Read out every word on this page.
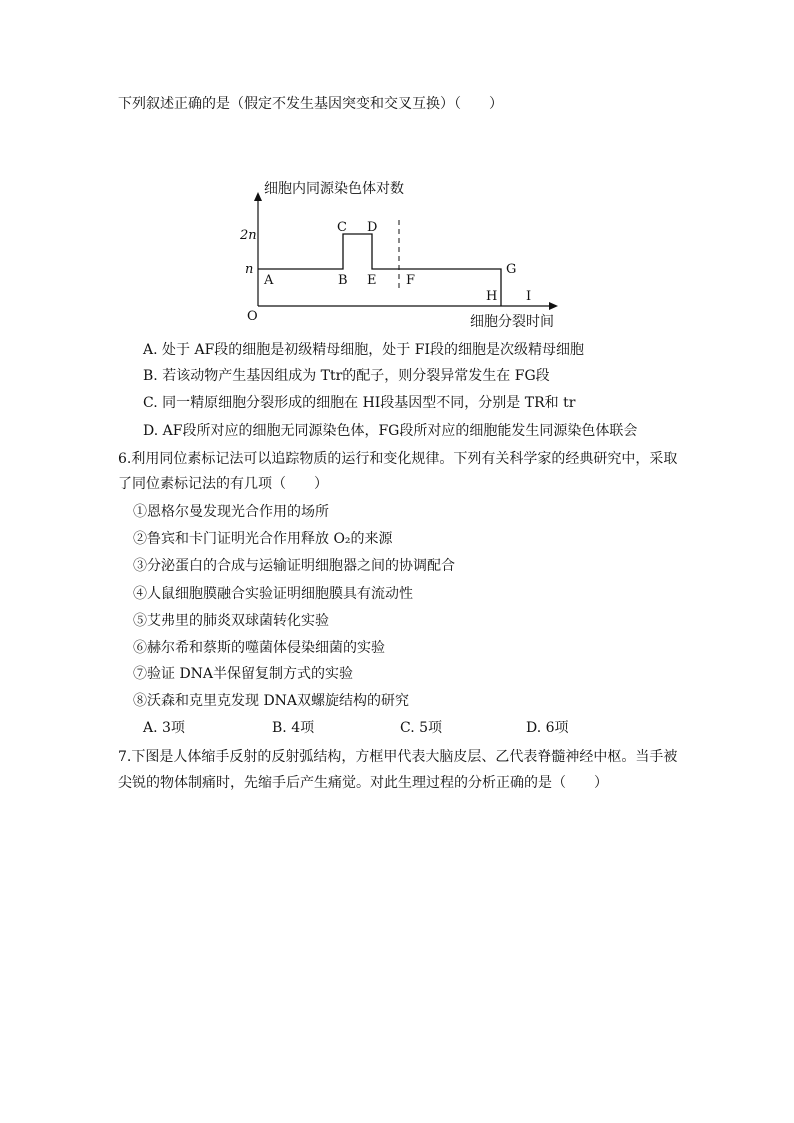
下列叙述正确的是（假定不发生基因突变和交叉互换）（　　）
细胞内同源染色体对数
细胞分裂时间
O
2n
n
A	B
C D
E F
G
H I
A. 处于 AF段的细胞是初级精母细胞，处于 FI段的细胞是次级精母细胞
B. 若该动物产生基因组成为 Ttr的配子，则分裂异常发生在 FG段
C. 同一精原细胞分裂形成的细胞在 HI段基因型不同，分别是 TR和 tr
D. AF段所对应的细胞无同源染色体，FG段所对应的细胞能发生同源染色体联会
6.利用同位素标记法可以追踪物质的运行和变化规律。下列有关科学家的经典研究中，采取
了同位素标记法的有几项（　　）
①恩格尔曼发现光合作用的场所
②鲁宾和卡门证明光合作用释放 O₂的来源
③分泌蛋白的合成与运输证明细胞器之间的协调配合
④人鼠细胞膜融合实验证明细胞膜具有流动性
⑤艾弗里的肺炎双球菌转化实验
⑥赫尔希和蔡斯的噬菌体侵染细菌的实验
⑦验证 DNA半保留复制方式的实验
⑧沃森和克里克发现 DNA双螺旋结构的研究
A. 3项	B. 4项	C. 5项	D. 6项
7.下图是人体缩手反射的反射弧结构，方框甲代表大脑皮层、乙代表脊髓神经中枢。当手被
尖锐的物体制痛时，先缩手后产生痛觉。对此生理过程的分析正确的是（　　）
